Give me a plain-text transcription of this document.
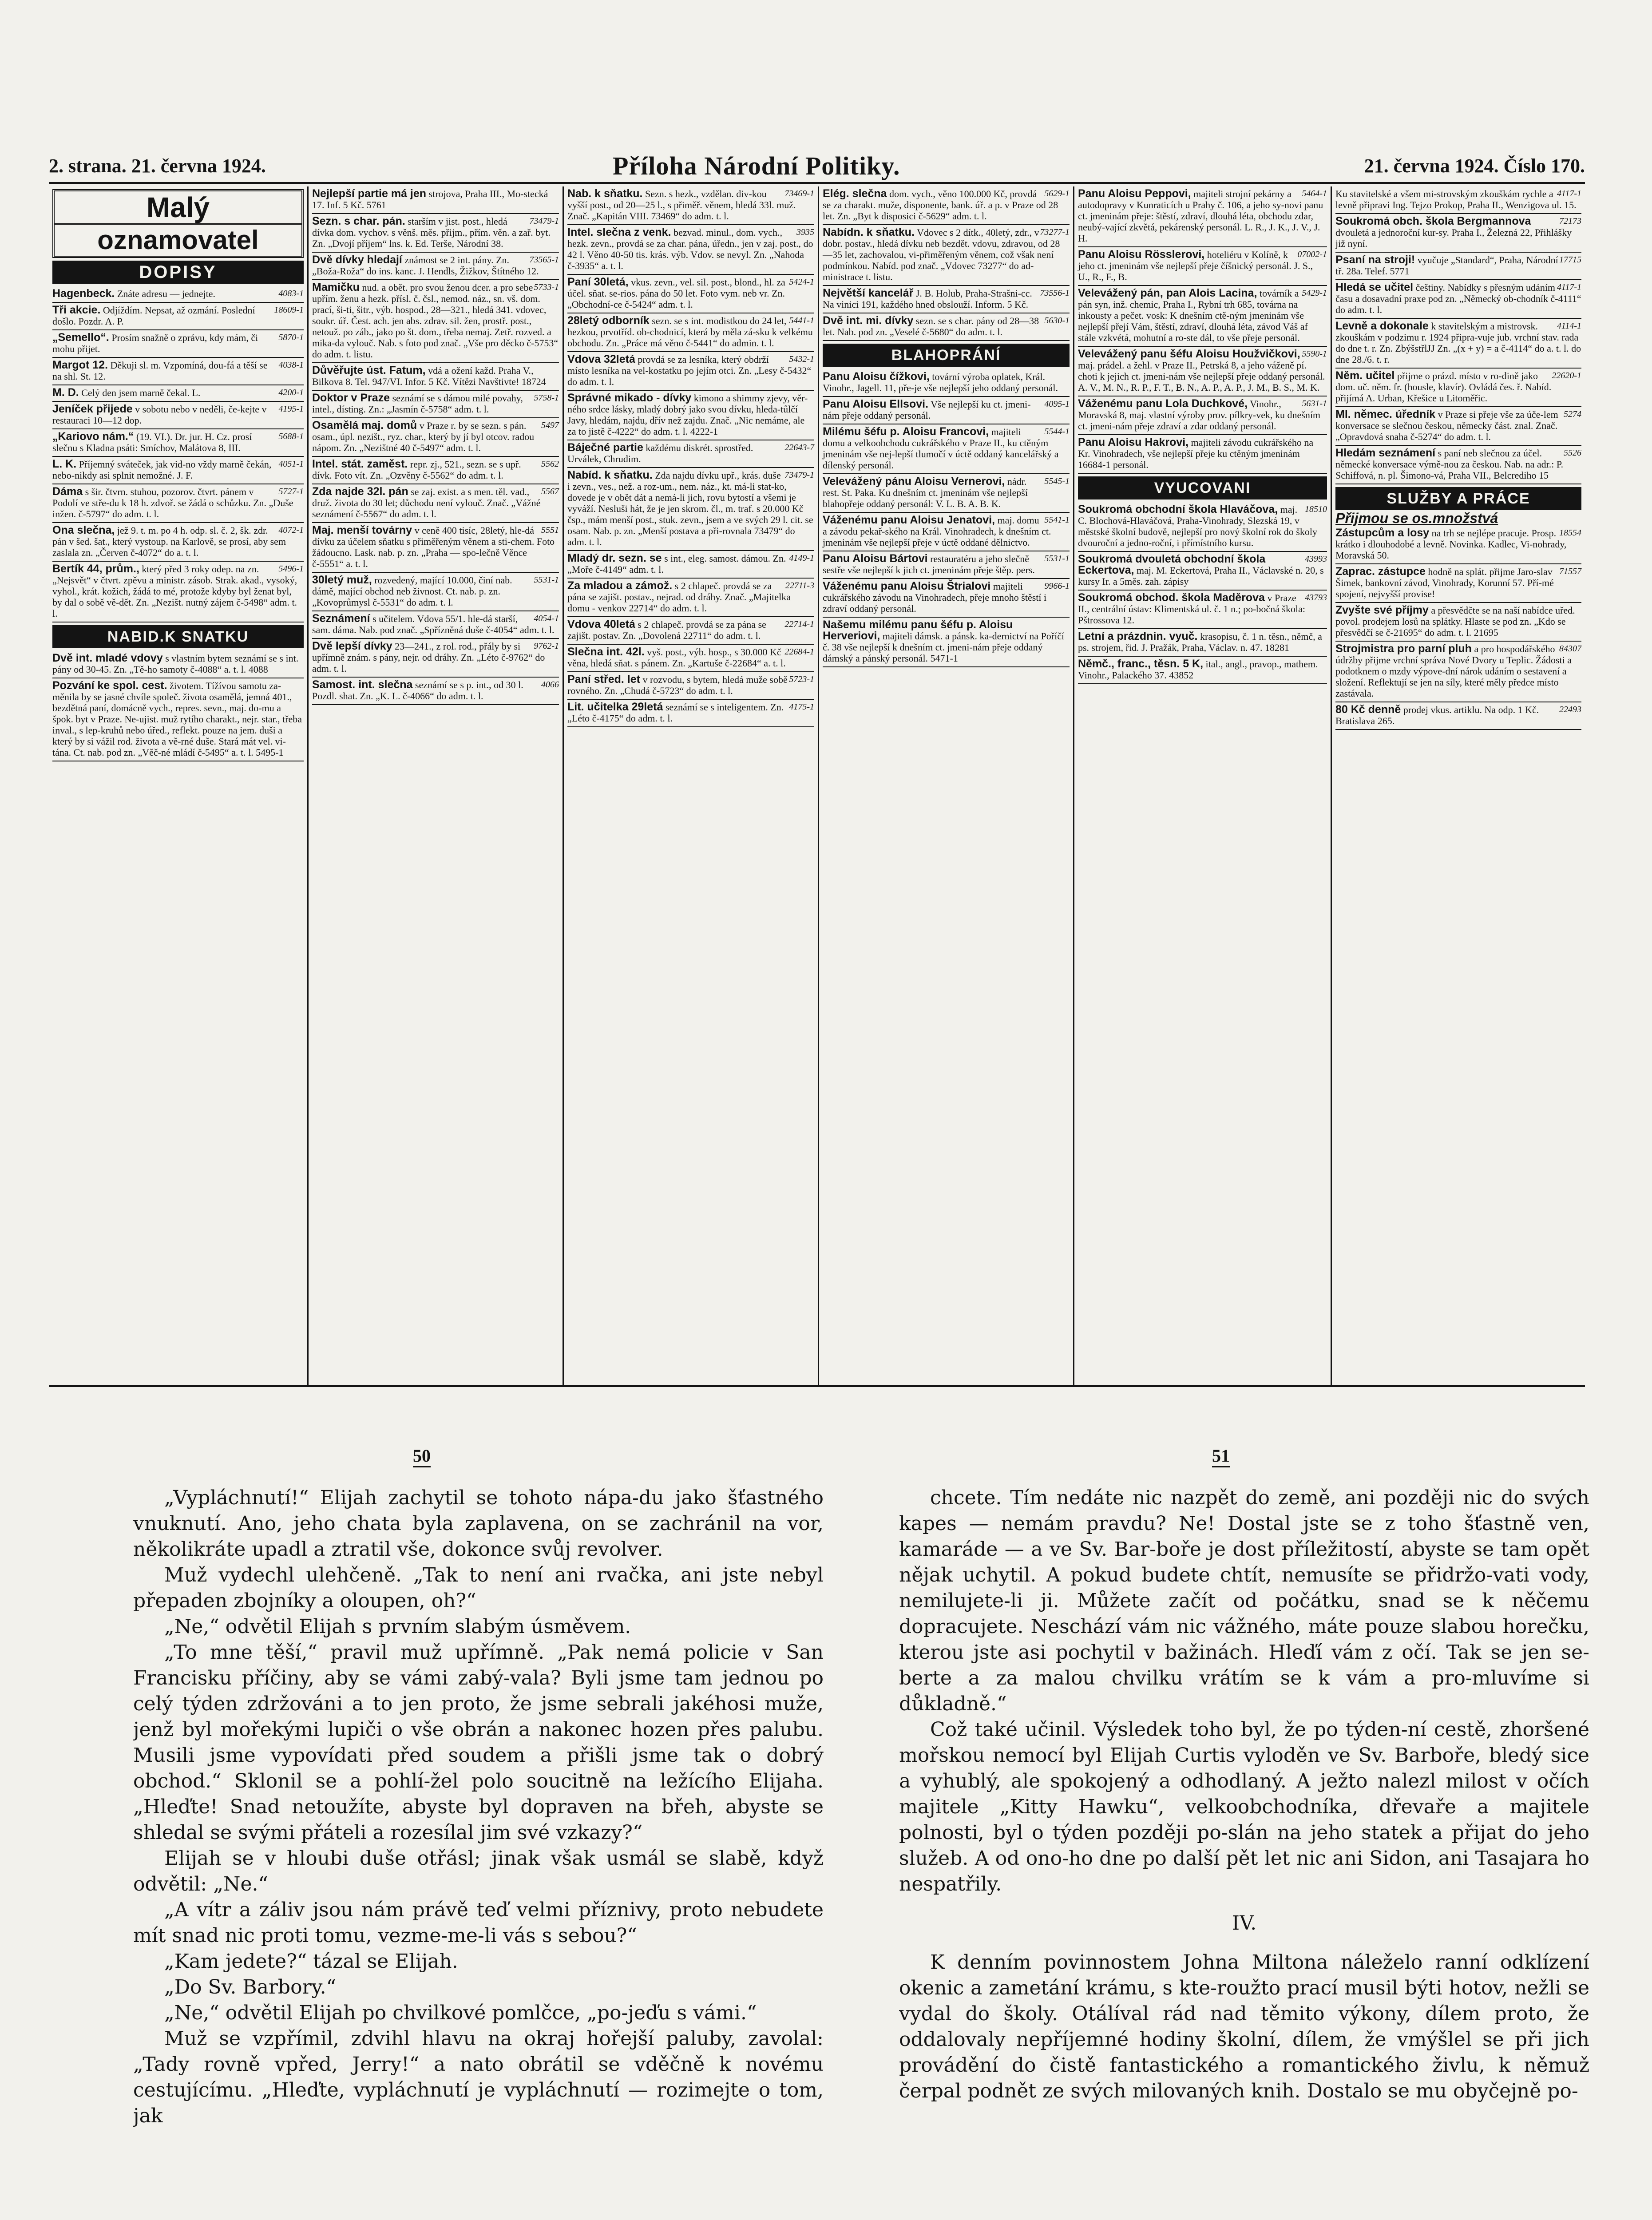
2. strana. 21. června 1924.	Příloha Národní Politiky.	21. června 1924. Číslo 170.
Malý
oznamovatel
DOPISY
4083-1
Hagenbeck. Znáte adresu — jednejte.
18609-1
Tři akcie. Odjíždím. Nepsat, až ozmání. Poslední došlo. Pozdr. A. P.
5870-1
„Semello“. Prosím snažně o zprávu, kdy mám, či mohu přijet.
4038-1
Margot 12. Děkuji sl. m. Vzpomíná, dou-fá a těší se na shl. St. 12.
4200-1
M. D. Celý den jsem marně čekal. L.
4195-1
Jeníček přijede v sobotu nebo v neděli, če-kejte v restauraci 10—12 dop.
5688-1
„Kariovo nám.“ (19. VI.). Dr. jur. H. Cz. prosí slečnu s Kladna psáti: Smíchov, Malátova 8, III.
4051-1
L. K. Příjemný sváteček, jak vid-no vždy marně čekán, nebo-nikdy asi splnit nemožné. J. F.
5727-1
Dáma s šir. čtvrn. stuhou, pozorov. čtvrt. pánem v Podolí ve stře-du k 18 h. zdvoř. se žádá o schůzku. Zn. „Duše inžen. č-5797“ do adm. t. l.
4072-1
Ona slečna, jež 9. t. m. po 4 h. odp. sl. č. 2, šk. zdr. pán v šed. šat., který vystoup. na Karlově, se prosí, aby sem zaslala zn. „Červen č-4072“ do a. t. l.
5496-1
Bertík 44, prům., který před 3 roky odep. na zn. „Nejsvět“ v čtvrt. zpěvu a ministr. zásob. Strak. akad., vysoký, vyhol., krát. kožich, žádá to mé, protože kdyby byl ženat byl, by dal o sobě vě-dět. Zn. „Nezišt. nutný zájem č-5498“ adm. t. l.
NABID.K SNATKU
Dvě int. mladé vdovy s vlastním bytem seznámí se s int. pány od 30-45. Zn. „Tě-ho samoty č-4088“ a. t. l. 4088
Pozvání ke spol. cest. životem. Tížívou samotu za-měnila by se jasné chvíle společ. života osamělá, jemná 401., bezdětná paní, domácně vych., repres. sevn., maj. do-mu a špok. byt v Praze. Ne-ujist. muž rytího charakt., nejr. star., třeba inval., s lep-kruhů nebo úřed., reflekt. pouze na jem. duši a který by si vážil rod. života a vě-rné duše. Stará mát vel. vi-tána. Ct. nab. pod zn. „Věč-né mládí č-5495“ a. t. l. 5495-1
Nejlepší partie má jen strojova, Praha III., Mo-stecká 17. Inf. 5 Kč. 5761
73479-1
Sezn. s char. pán. starším v jist. post., hledá dívka dom. vychov. s věnš. měs. přijm., přím. věn. a zař. byt. Zn. „Dvojí příjem“ lns. k. Ed. Terše, Národní 38.
73565-1
Dvě dívky hledají známost se 2 int. pány. Zn. „Boža-Roža“ do ins. kanc. J. Hendls, Žižkov, Štítného 12.
5733-1
Mamičku nud. a obět. pro svou ženou dcer. a pro sebe upřím. ženu a hezk. přísl. č. čsl., nemod. náz., sn. vš. dom. prací, ši-ti, šitr., výb. hospod., 28—321., hledá 341. vdovec, soukr. úř. Čest. ach. jen abs. zdrav. sil. žen, prostř. post., netouž. po záb., jako po št. dom., třeba nemaj. Zetř. rozved. a mika-da vylouč. Nab. s foto pod znač. „Vše pro děcko č-5753“ do adm. t. listu.
Důvěřujte úst. Fatum, vdá a ožení každ. Praha V., Bilkova 8. Tel. 947/VI. Infor. 5 Kč. Vítězi Navštivte! 18724
5758-1
Doktor v Praze seznámí se s dámou milé povahy, intel., dísting. Zn.: „Jasmín č-5758“ adm. t. l.
5497
Osamělá maj. domů v Praze r. by se sezn. s pán. osam., úpl. nezišt., ryz. char., který by jí byl otcov. radou nápom. Zn. „Nezištné 40 č-5497“ adm. t. l.
5562
Intel. stát. zaměst. repr. zj., 521., sezn. se s upř. dívk. Foto vít. Zn. „Ozvěny č-5562“ do adm. t. l.
5567
Zda najde 32l. pán se zaj. exist. a s men. těl. vad., druž. života do 30 let; důchodu není vylouč. Znač. „Vážné seznámení č-5567“ do adm. t. l.
5551
Maj. menší továrny v ceně 400 tisíc, 28letý, hle-dá dívku za účelem sňatku s přiměřeným věnem a sti-chem. Foto žádoucno. Lask. nab. p. zn. „Praha — spo-lečně Věnce č-5551“ a. t. l.
5531-1
30letý muž, rozvedený, mající 10.000, činí nab. dámě, mající obchod neb živnost. Ct. nab. p. zn. „Kovoprůmysl č-5531“ do adm. t. l.
4054-1
Seznámení s učitelem. Vdova 55/1. hle-dá starší, sam. dáma. Nab. pod znač. „Spřízněná duše č-4054“ adm. t. l.
9762-1
Dvě lepší dívky 23—241., z rol. rod., přály by si upřímně znám. s pány, nejr. od dráhy. Zn. „Léto č-9762“ do adm. t. l.
4066
Samost. int. slečna seznámí se s p. int., od 30 l. Pozdl. shat. Zn. „K. L. č-4066“ do adm. t. l.
73469-1
Nab. k sňatku. Sezn. s hezk., vzdělan. div-kou vyšší post., od 20—25 l., s přiměř. věnem, hledá 33l. muž. Znač. „Kapitán VIII. 73469“ do adm. t. l.
3935
Intel. slečna z venk. bezvad. minul., dom. vych., hezk. zevn., provdá se za char. pána, úředn., jen v zaj. post., do 42 l. Věno 40-50 tis. krás. výb. Vdov. se nevyl. Zn. „Nahoda č-3935“ a. t. l.
5424-1
Paní 30letá, vkus. zevn., vel. sil. post., blond., hl. za účel. sňat. se-rios. pána do 50 let. Foto vym. neb vr. Zn. „Obchodní-ce č-5424“ adm. t. l.
5441-1
28letý odborník sezn. se s int. modistkou do 24 let, hezkou, prvotříd. ob-chodnicí, která by měla zá-sku k velkému obchodu. Zn. „Práce má věno č-5441“ do admin. t. l.
5432-1
Vdova 32letá provdá se za lesníka, který obdrží místo lesníka na vel-kostatku po jejím otci. Zn. „Lesy č-5432“ do adm. t. l.
Správné mikado - dívky kimono a shimmy zjevy, věr-ného srdce lásky, mladý dobrý jako svou dívku, hleda-tůlčí Javy, hledám, najdu, dřív než zajdu. Znač. „Nic nemáme, ale za to jistě č-4222“ do adm. t. l. 4222-1
22643-7
Báječné partie každému diskrét. sprostřed. Urválek, Chrudim.
73479-1
Nabíd. k sňatku. Zda najdu dívku upř., krás. duše i zevn., ves., než. a roz-um., nem. náz., kt. má-li stat-ko, dovede je v obět dát a nemá-li jich, rovu bytostí a všemi je vyváží. Nesluši hát, že je jen skrom. čl., m. traf. s 20.000 Kč čsp., mám menší post., stuk. zevn., jsem a ve svých 29 l. cit. se osam. Nab. p. zn. „Menší postava a při-rovnala 73479“ do adm. t. l.
4149-1
Mladý dr. sezn. se s int., eleg. samost. dámou. Zn. „Moře č-4149“ adm. t. l.
22711-3
Za mladou a zámož. s 2 chlapeč. provdá se za pána se zajišt. postav., nejrad. od dráhy. Znač. „Majitelka domu - venkov 22714“ do adm. t. l.
22714-1
Vdova 40letá s 2 chlapeč. provdá se za pána se zajišt. postav. Zn. „Dovolená 22711“ do adm. t. l.
22684-1
Slečna int. 42l. vyš. post., výb. hosp., s 30.000 Kč věna, hledá sňat. s pánem. Zn. „Kartuše č-22684“ a. t. l.
5723-1
Paní střed. let v rozvodu, s bytem, hledá muže sobě rovného. Zn. „Chudá č-5723“ do adm. t. l.
4175-1
Lit. učitelka 29letá seznámí se s inteligentem. Zn. „Léto č-4175“ do adm. t. l.
5629-1
Elég. slečna dom. vych., věno 100.000 Kč, provdá se za charakt. muže, disponente, bank. úř. a p. v Praze od 28 let. Zn. „Byt k disposici č-5629“ adm. t. l.
73277-1
Nabídn. k sňatku. Vdovec s 2 dítk., 40letý, zdr., v dobr. postav., hledá dívku neb bezdět. vdovu, zdravou, od 28—35 let, zachovalou, vi-přiměřeným věnem, což však není podmínkou. Nabíd. pod znač. „Vdovec 73277“ do ad-ministrace t. listu.
73556-1
Největší kancelář J. B. Holub, Praha-Strašni-cc. Na vinici 191, každého hned obslouží. Inform. 5 Kč.
5630-1
Dvě int. mi. dívky sezn. se s char. pány od 28—38 let. Nab. pod zn. „Veselé č-5680“ do adm. t. l.
BLAHOPRÁNÍ
Panu Aloisu čížkovi, tovární výroba oplatek, Král. Vinohr., Jagell. 11, pře-je vše nejlepší jeho oddaný personál.
4095-1
Panu Aloisu Ellsovi. Vše nejlepší ku ct. jmeni-nám přeje oddaný personál.
5544-1
Milému šéfu p. Aloisu Francovi, majiteli domu a velkoobchodu cukrářského v Praze II., ku ctěným jmeninám vše nej-lepší tlumočí v úctě oddaný kancelářský a dílenský personál.
5545-1
Velevážený pánu Aloisu Vernerovi, nádr. rest. St. Paka. Ku dnešním ct. jmeninám vše nejlepší blahopřeje oddaný personál: V. L. B. A. B. K.
5541-1
Váženému panu Aloisu Jenatovi, maj. domu a závodu pekař-ského na Král. Vinohradech, k dnešním ct. jmeninám vše nejlepší přeje v úctě oddané dělnictvo.
5531-1
Panu Aloisu Bártovi restauratéru a jeho slečně sestře vše nejlepší k jich ct. jmeninám přeje štěp. pers.
9966-1
Váženému panu Aloisu Štrialovi majiteli cukrářského závodu na Vinohradech, přeje mnoho štěstí i zdraví oddaný personál.
Našemu milému panu šéfu p. Aloisu Herveriovi, majiteli dámsk. a pánsk. ka-dernictví na Poříčí č. 38 vše nejlepší k dnešním ct. jmeni-nám přeje oddaný dámský a pánský personál. 5471-1
5464-1
Panu Aloisu Peppovi, majiteli strojní pekárny a autodopravy v Kunraticích u Prahy č. 106, a jeho sy-novi panu ct. jmeninám přeje: štěstí, zdraví, dlouhá léta, obchodu zdar, neubý-vající zkvětá, pekárenský personál. L. R., J. K., J. V., J. H.
07002-1
Panu Aloisu Rösslerovi, hoteliéru v Kolíně, k jeho ct. jmeninám vše nejlepší přeje číšnický personál. J. S., U., R., F., B.
5429-1
Velevážený pán, pan Alois Lacina, továrník a pán syn, inž. chemic, Praha I., Rybní trh 685, továrna na inkousty a pečet. vosk: K dnešním ctě-ným jmeninám vše nejlepší přejí Vám, štěstí, zdraví, dlouhá léta, závod Váš af stále vzkvétá, mohutní a ro-ste dál, to vše přeje personál.
5590-1
Velevážený panu šéfu Aloisu Houžvičkovi, maj. prádel. a žehl. v Praze II., Petrská 8, a jeho váženě pí. choti k jejich ct. jmeni-nám vše nejlepší přeje oddaný personál. A. V., M. N., R. P., F. T., B. N., A. P., A. P., J. M., B. S., M. K.
5631-1
Váženému panu Lola Duchkové, Vinohr., Moravská 8, maj. vlastní výroby prov. pílkry-vek, ku dnešním ct. jmeni-nám přeje zdraví a zdar oddaný personál.
Panu Aloisu Hakrovi, majiteli závodu cukrářského na Kr. Vinohradech, vše nejlepší přeje ku ctěným jmeninám 16684-1 personál.
VYUCOVANI
18510
Soukromá obchodní škola Hlaváčova, maj. C. Blochová-Hlaváčová, Praha-Vinohrady, Slezská 19, v městské školní budově, nejlepší pro nový školní rok do školy dvouroční a jedno-roční, i přímístního kursu.
43993
Soukromá dvouletá obchodní škola Eckertova, maj. M. Eckertová, Praha II., Václavské n. 20, s kursy Ir. a 5měs. zah. zápisy
43793
Soukromá obchod. škola Maděrova v Praze II., centrální ústav: Klimentská ul. č. 1 n.; po-bočná škola: Pštrossova 12.
Letní a prázdnin. vyuč. krasopisu, č. 1 n. těsn., němč, a ps. strojem, řid. J. Pražák, Praha, Václav. n. 47. 18281
Němč., franc., těsn. 5 K, ital., angl., pravop., mathem. Vinohr., Palackého 37. 43852
4117-1
Ku stavitelské a všem mi-strovským zkouškám rychle a levně připravi Ing. Tejzo Prokop, Praha II., Wenzigova ul. 15.
72173
Soukromá obch. škola Bergmannova dvouletá a jednoroční kur-sy. Praha I., Železná 22, Přihlášky již nyní.
17715
Psaní na stroji! vyučuje „Standard“, Praha, Národní tř. 28a. Telef. 5771
4117-1
Hledá se učitel češtiny. Nabídky s přesným udáním času a dosavadní praxe pod zn. „Německý ob-chodník č-4111“ do adm. t. l.
4114-1
Levně a dokonale k stavitelským a mistrovsk. zkouškám v podzimu r. 1924 připra-vuje jub. vrchní stav. rada do dne t. r. Zn. ZbýšstřlJJ Zn. „(x + y) = a č-4114“ do a. t. l. do dne 28./6. t. r.
22620-1
Něm. učitel přijme o prázd. místo v ro-dině jako dom. uč. něm. fr. (housle, klavír). Ovládá čes. ř. Nabíd. přijímá A. Urban, Křešice u Litoměřic.
5274
Ml. němec. úředník v Praze si přeje vše za úče-lem konversace se slečnou českou, německy část. znal. Znač. „Opravdová snaha č-5274“ do adm. t. l.
5526
Hledám seznámení s paní neb slečnou za účel. německé konversace výmě-nou za českou. Nab. na adr.: P. Schiffová, n. pl. Šimono-vá, Praha VII., Belcrediho 15
SLUŽBY A PRÁCE
Přijmou se os.množstvá
18554
Zástupcům a losy na trh se nejlépe pracuje. Prosp. krátko i dlouhodobé a levně. Novinka. Kadlec, Vi-nohrady, Moravská 50.
71557
Zaprac. zástupce hodně na splát. přijme Jaro-slav Šimek, bankovní závod, Vinohrady, Korunní 57. Pří-mé spojení, nejvyšší provise!
Zvyšte své příjmy a přesvědčte se na naší nabídce uřed. povol. prodejem losů na splátky. Hlaste se pod zn. „Kdo se přesvědčí se č-21695“ do adm. t. l. 21695
84307
Strojmistra pro parní pluh a pro hospodářského údržby přijme vrchní správa Nové Dvory u Teplic. Žádosti a podotknem o mzdy výpove-dní nárok udáním o sestavení a složení. Reflektují se jen na síly, které měly předce místo zastávala.
22493
80 Kč denně prodej vkus. artiklu. Na odp. 1 Kč. Bratislava 265.
50	51

„Vypláchnutí!“ Elijah zachytil se tohoto nápa-du jako šťastného vnuknutí. Ano, jeho chata byla zaplavena, on se zachránil na vor, několikráte upadl a ztratil vše, dokonce svůj revolver.

Muž vydechl ulehčeně. „Tak to není ani rvačka, ani jste nebyl přepaden zbojníky a oloupen, oh?“

„Ne,“ odvětil Elijah s prvním slabým úsměvem.

„To mne těší,“ pravil muž upřímně. „Pak nemá policie v San Francisku příčiny, aby se vámi zabý-vala? Byli jsme tam jednou po celý týden zdržováni a to jen proto, že jsme sebrali jakéhosi muže, jenž byl mořekými lupiči o vše obrán a nakonec hozen přes palubu. Musili jsme vypovídati před soudem a přišli jsme tak o dobrý obchod.“ Sklonil se a pohlí-žel polo soucitně na ležícího Elijaha. „Hleďte! Snad netoužíte, abyste byl dopraven na břeh, abyste se shledal se svými přáteli a rozesílal jim své vzkazy?“

Elijah se v hloubi duše otřásl; jinak však usmál se slabě, když odvětil: „Ne.“

„A vítr a záliv jsou nám právě teď velmi příznivy, proto nebudete mít snad nic proti tomu, vezme-me-li vás s sebou?“

„Kam jedete?“ tázal se Elijah.

„Do Sv. Barbory.“

„Ne,“ odvětil Elijah po chvilkové pomlčce, „po-jeďu s vámi.“

Muž se vzpřímil, zdvihl hlavu na okraj hořejší paluby, zavolal: „Tady rovně vpřed, Jerry!“ a nato obrátil se vděčně k novému cestujícímu. „Hleďte, vypláchnutí je vypláchnutí — rozimejte o tom, jak

chcete. Tím nedáte nic nazpět do země, ani později nic do svých kapes — nemám pravdu? Ne! Dostal jste se z toho šťastně ven, kamaráde — a ve Sv. Bar-boře je dost příležitostí, abyste se tam opět nějak uchytil. A pokud budete chtít, nemusíte se přidržo-vati vody, nemilujete-li ji. Můžete začít od počátku, snad se k něčemu dopracujete. Neschází vám nic vážného, máte pouze slabou horečku, kterou jste asi pochytil v bažinách. Hleďí vám z očí. Tak se jen se-berte a za malou chvilku vrátím se k vám a pro-mluvíme si důkladně.“

Což také učinil. Výsledek toho byl, že po týden-ní cestě, zhoršené mořskou nemocí byl Elijah Curtis vyloděn ve Sv. Barboře, bledý sice a vyhublý, ale spokojený a odhodlaný. A ježto nalezl milost v očích majitele „Kitty Hawku“, velkoobchodníka, dřevaře a majitele polnosti, byl o týden později po-slán na jeho statek a přijat do jeho služeb. A od ono-ho dne po další pět let nic ani Sidon, ani Tasajara ho nespatřily.

IV.

K denním povinnostem Johna Miltona náleželo ranní odklízení okenic a zametání krámu, s kte-roužto prací musil býti hotov, nežli se vydal do školy. Otálíval rád nad těmito výkony, dílem proto, že oddalovaly nepříjemné hodiny školní, dílem, že vmýšlel se při jich provádění do čistě fantastického a romantického živlu, k němuž čerpal podnět ze svých milovaných knih. Dostalo se mu obyčejně po-
